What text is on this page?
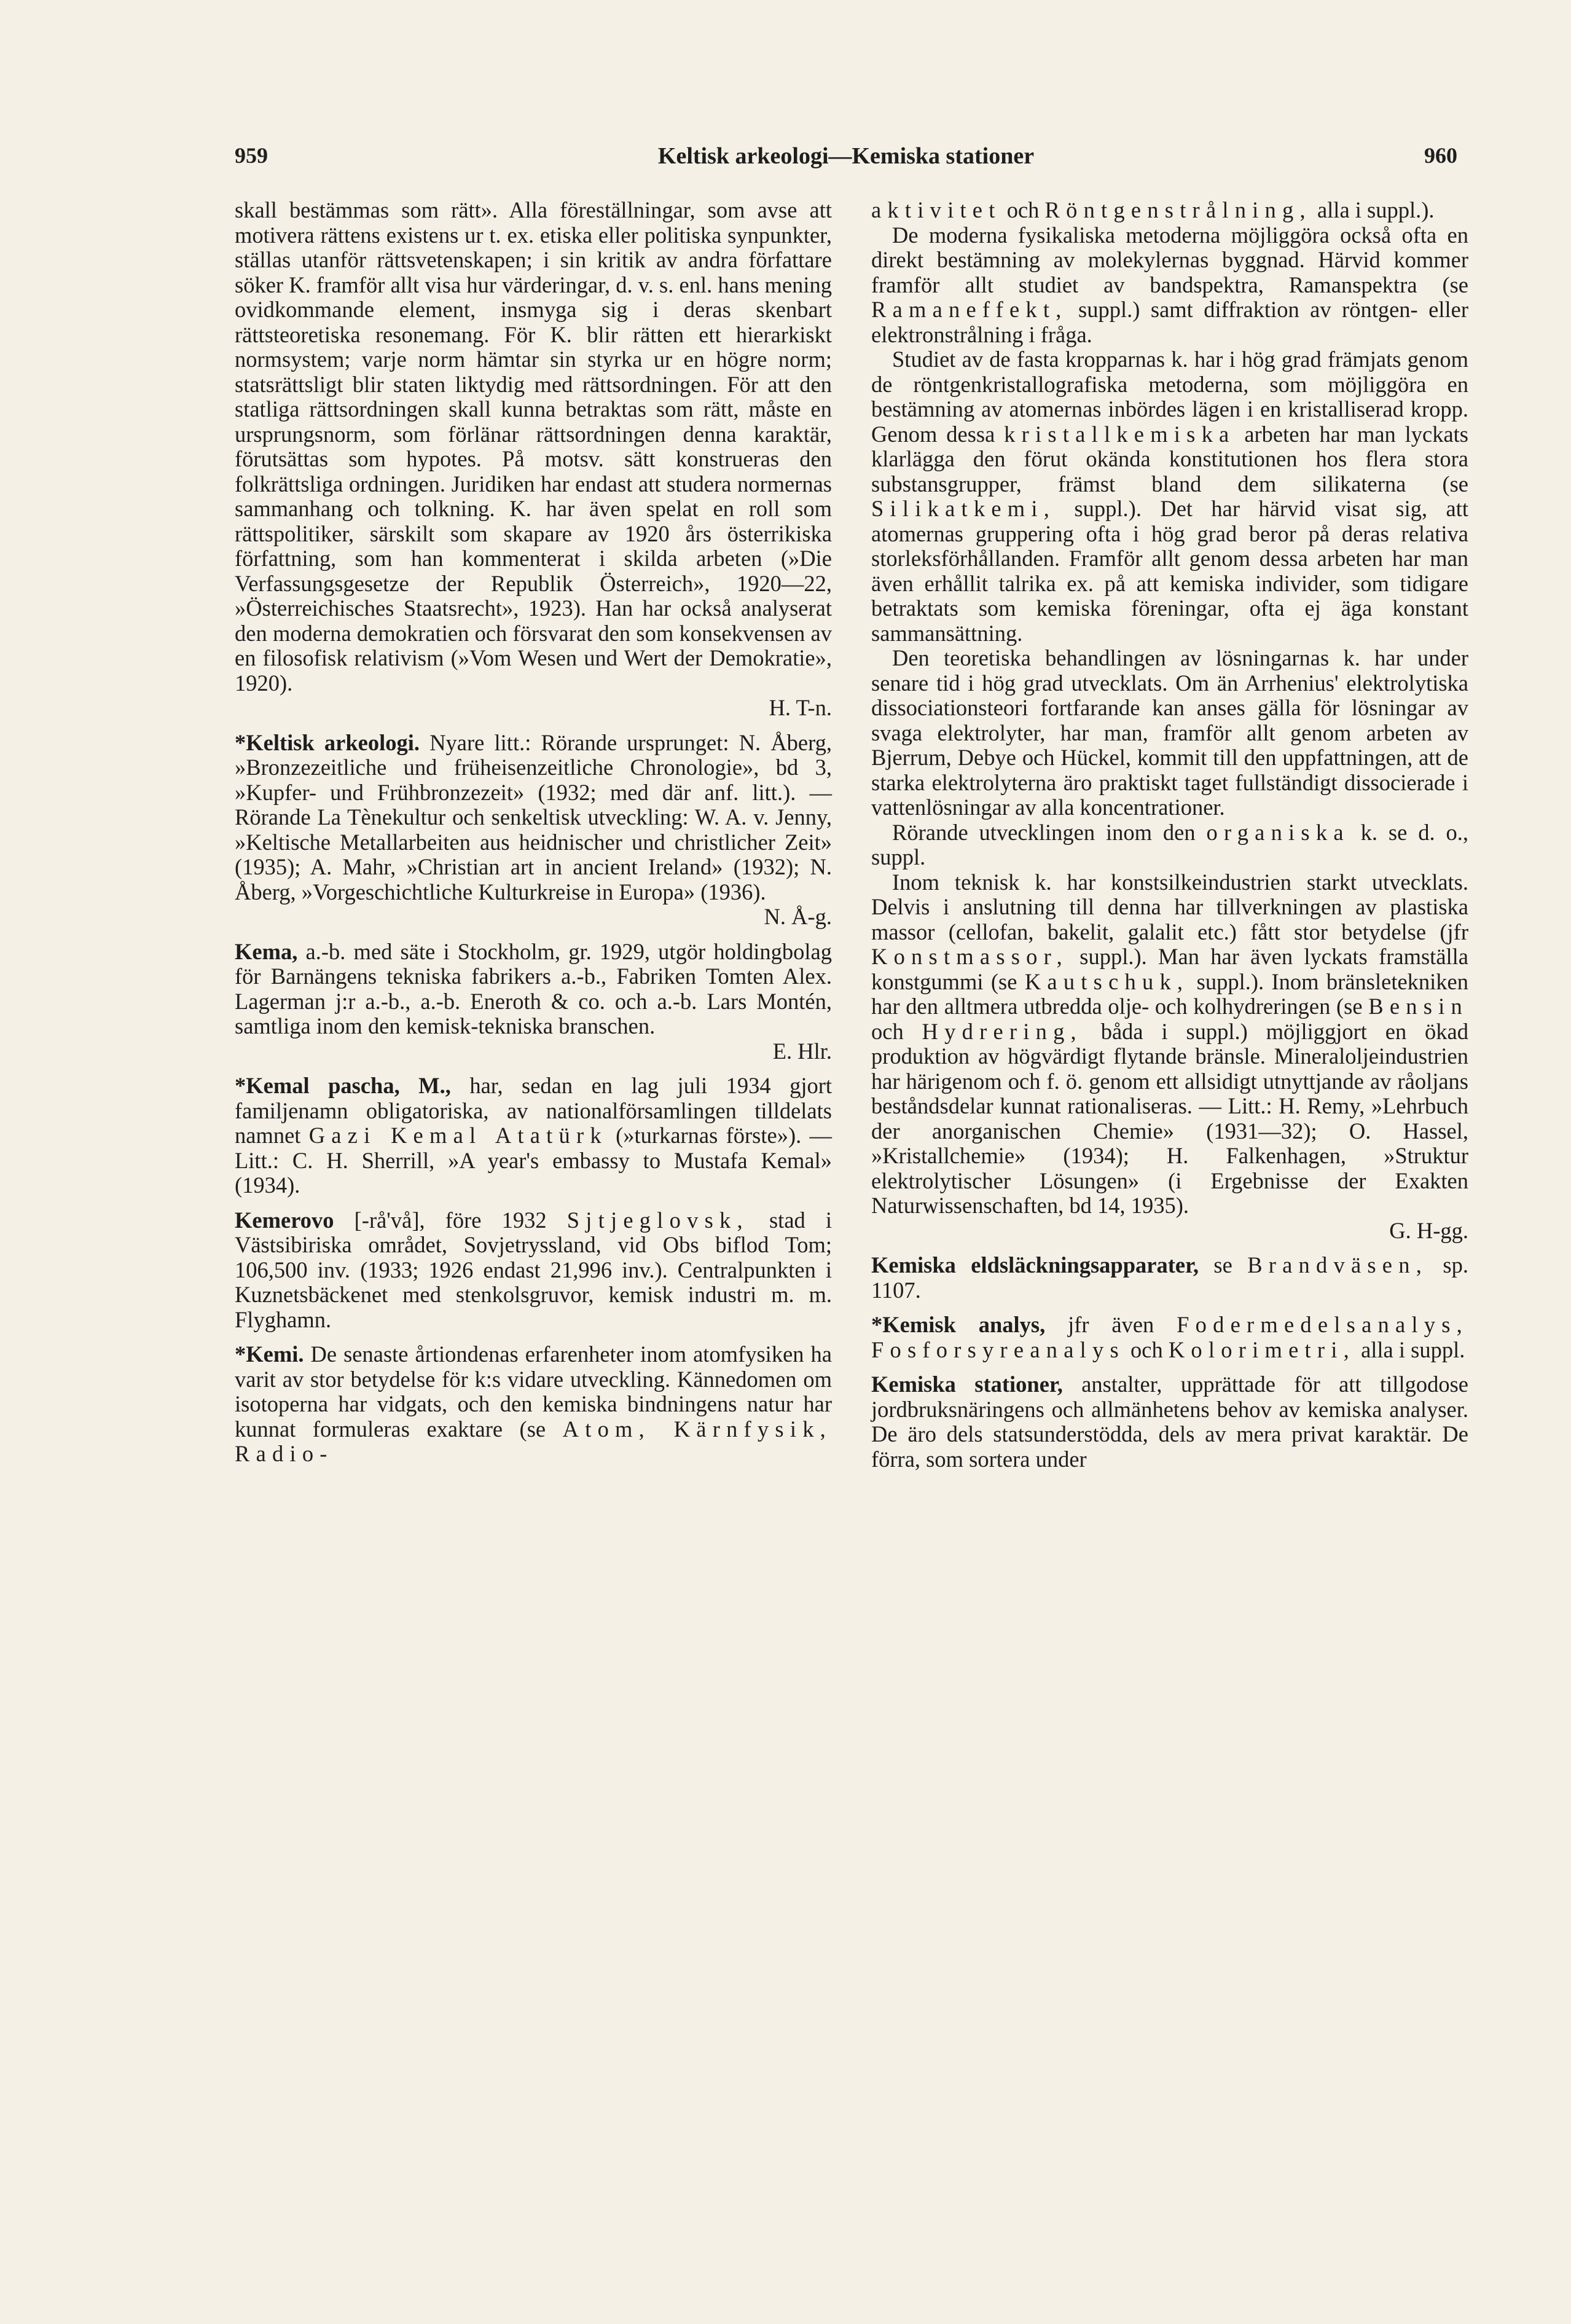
959	Keltisk arkeologi—Kemiska stationer	960

skall bestämmas som rätt». Alla föreställningar, som avse att motivera rättens existens ur t. ex. etiska eller politiska synpunkter, ställas utanför rättsvetenskapen; i sin kritik av andra författare söker K. framför allt visa hur värderingar, d. v. s. enl. hans mening ovidkommande element, insmyga sig i deras skenbart rättsteoretiska resonemang. För K. blir rätten ett hierarkiskt normsystem; varje norm hämtar sin styrka ur en högre norm; statsrättsligt blir staten liktydig med rättsordningen. För att den statliga rättsordningen skall kunna betraktas som rätt, måste en ursprungsnorm, som förlänar rättsordningen denna karaktär, förutsättas som hypotes. På motsv. sätt konstrueras den folkrättsliga ordningen. Juridiken har endast att studera normernas sammanhang och tolkning. K. har även spelat en roll som rättspolitiker, särskilt som skapare av 1920 års österrikiska författning, som han kommenterat i skilda arbeten (»Die Verfassungsgesetze der Republik Österreich», 1920—22, »Österreichisches Staatsrecht», 1923). Han har också analyserat den moderna demokratien och försvarat den som konsekvensen av en filosofisk relativism (»Vom Wesen und Wert der Demokratie», 1920).
H. T-n.

*Keltisk arkeologi. Nyare litt.: Rörande ursprunget: N. Åberg, »Bronzezeitliche und früheisenzeitliche Chronologie», bd 3, »Kupfer- und Frühbronzezeit» (1932; med där anf. litt.). — Rörande La Tènekultur och senkeltisk utveckling: W. A. v. Jenny, »Keltische Metallarbeiten aus heidnischer und christlicher Zeit» (1935); A. Mahr, »Christian art in ancient Ireland» (1932); N. Åberg, »Vorgeschichtliche Kulturkreise in Europa» (1936).
N. Å-g.

Kema, a.-b. med säte i Stockholm, gr. 1929, utgör holdingbolag för Barnängens tekniska fabrikers a.-b., Fabriken Tomten Alex. Lagerman j:r a.-b., a.-b. Eneroth & co. och a.-b. Lars Montén, samtliga inom den kemisk-tekniska branschen.
E. Hlr.

*Kemal pascha, M., har, sedan en lag juli 1934 gjort familjenamn obligatoriska, av nationalförsamlingen tilldelats namnet Gazi Kemal Atatürk (»turkarnas förste»). — Litt.: C. H. Sherrill, »A year's embassy to Mustafa Kemal» (1934).

Kemerovo [-rå'vå], före 1932 Sjtjeglovsk, stad i Västsibiriska området, Sovjetryssland, vid Obs biflod Tom; 106,500 inv. (1933; 1926 endast 21,996 inv.). Centralpunkten i Kuznetsbäckenet med stenkolsgruvor, kemisk industri m. m. Flyghamn.

*Kemi. De senaste årtiondenas erfarenheter inom atomfysiken ha varit av stor betydelse för k:s vidare utveckling. Kännedomen om isotoperna har vidgats, och den kemiska bindningens natur har kunnat formuleras exaktare (se Atom, Kärnfysik, Radio-

aktivitet och Röntgenstrålning, alla i suppl.).

De moderna fysikaliska metoderna möjliggöra också ofta en direkt bestämning av molekylernas byggnad. Härvid kommer framför allt studiet av bandspektra, Ramanspektra (se Ramaneffekt, suppl.) samt diffraktion av röntgen- eller elektronstrålning i fråga.

Studiet av de fasta kropparnas k. har i hög grad främjats genom de röntgenkristallografiska metoderna, som möjliggöra en bestämning av atomernas inbördes lägen i en kristalliserad kropp. Genom dessa kristallkemiska arbeten har man lyckats klarlägga den förut okända konstitutionen hos flera stora substansgrupper, främst bland dem silikaterna (se Silikatkemi, suppl.). Det har härvid visat sig, att atomernas gruppering ofta i hög grad beror på deras relativa storleksförhållanden. Framför allt genom dessa arbeten har man även erhållit talrika ex. på att kemiska individer, som tidigare betraktats som kemiska föreningar, ofta ej äga konstant sammansättning.

Den teoretiska behandlingen av lösningarnas k. har under senare tid i hög grad utvecklats. Om än Arrhenius' elektrolytiska dissociationsteori fortfarande kan anses gälla för lösningar av svaga elektrolyter, har man, framför allt genom arbeten av Bjerrum, Debye och Hückel, kommit till den uppfattningen, att de starka elektrolyterna äro praktiskt taget fullständigt dissocierade i vattenlösningar av alla koncentrationer.

Rörande utvecklingen inom den organiska k. se d. o., suppl.

Inom teknisk k. har konstsilkeindustrien starkt utvecklats. Delvis i anslutning till denna har tillverkningen av plastiska massor (cellofan, bakelit, galalit etc.) fått stor betydelse (jfr Konstmassor, suppl.). Man har även lyckats framställa konstgummi (se Kautschuk, suppl.). Inom bränsletekniken har den alltmera utbredda olje- och kolhydreringen (se Bensin och Hydrering, båda i suppl.) möjliggjort en ökad produktion av högvärdigt flytande bränsle. Mineraloljeindustrien har härigenom och f. ö. genom ett allsidigt utnyttjande av råoljans beståndsdelar kunnat rationaliseras. — Litt.: H. Remy, »Lehrbuch der anorganischen Chemie» (1931—32); O. Hassel, »Kristallchemie» (1934); H. Falkenhagen, »Struktur elektrolytischer Lösungen» (i Ergebnisse der Exakten Naturwissenschaften, bd 14, 1935).
G. H-gg.

Kemiska eldsläckningsapparater, se Brandväsen, sp. 1107.

*Kemisk analys, jfr även Fodermedelsanalys, Fosforsyreanalys och Kolorimetri, alla i suppl.

Kemiska stationer, anstalter, upprättade för att tillgodose jordbruksnäringens och allmänhetens behov av kemiska analyser. De äro dels statsunderstödda, dels av mera privat karaktär. De förra, som sortera under
